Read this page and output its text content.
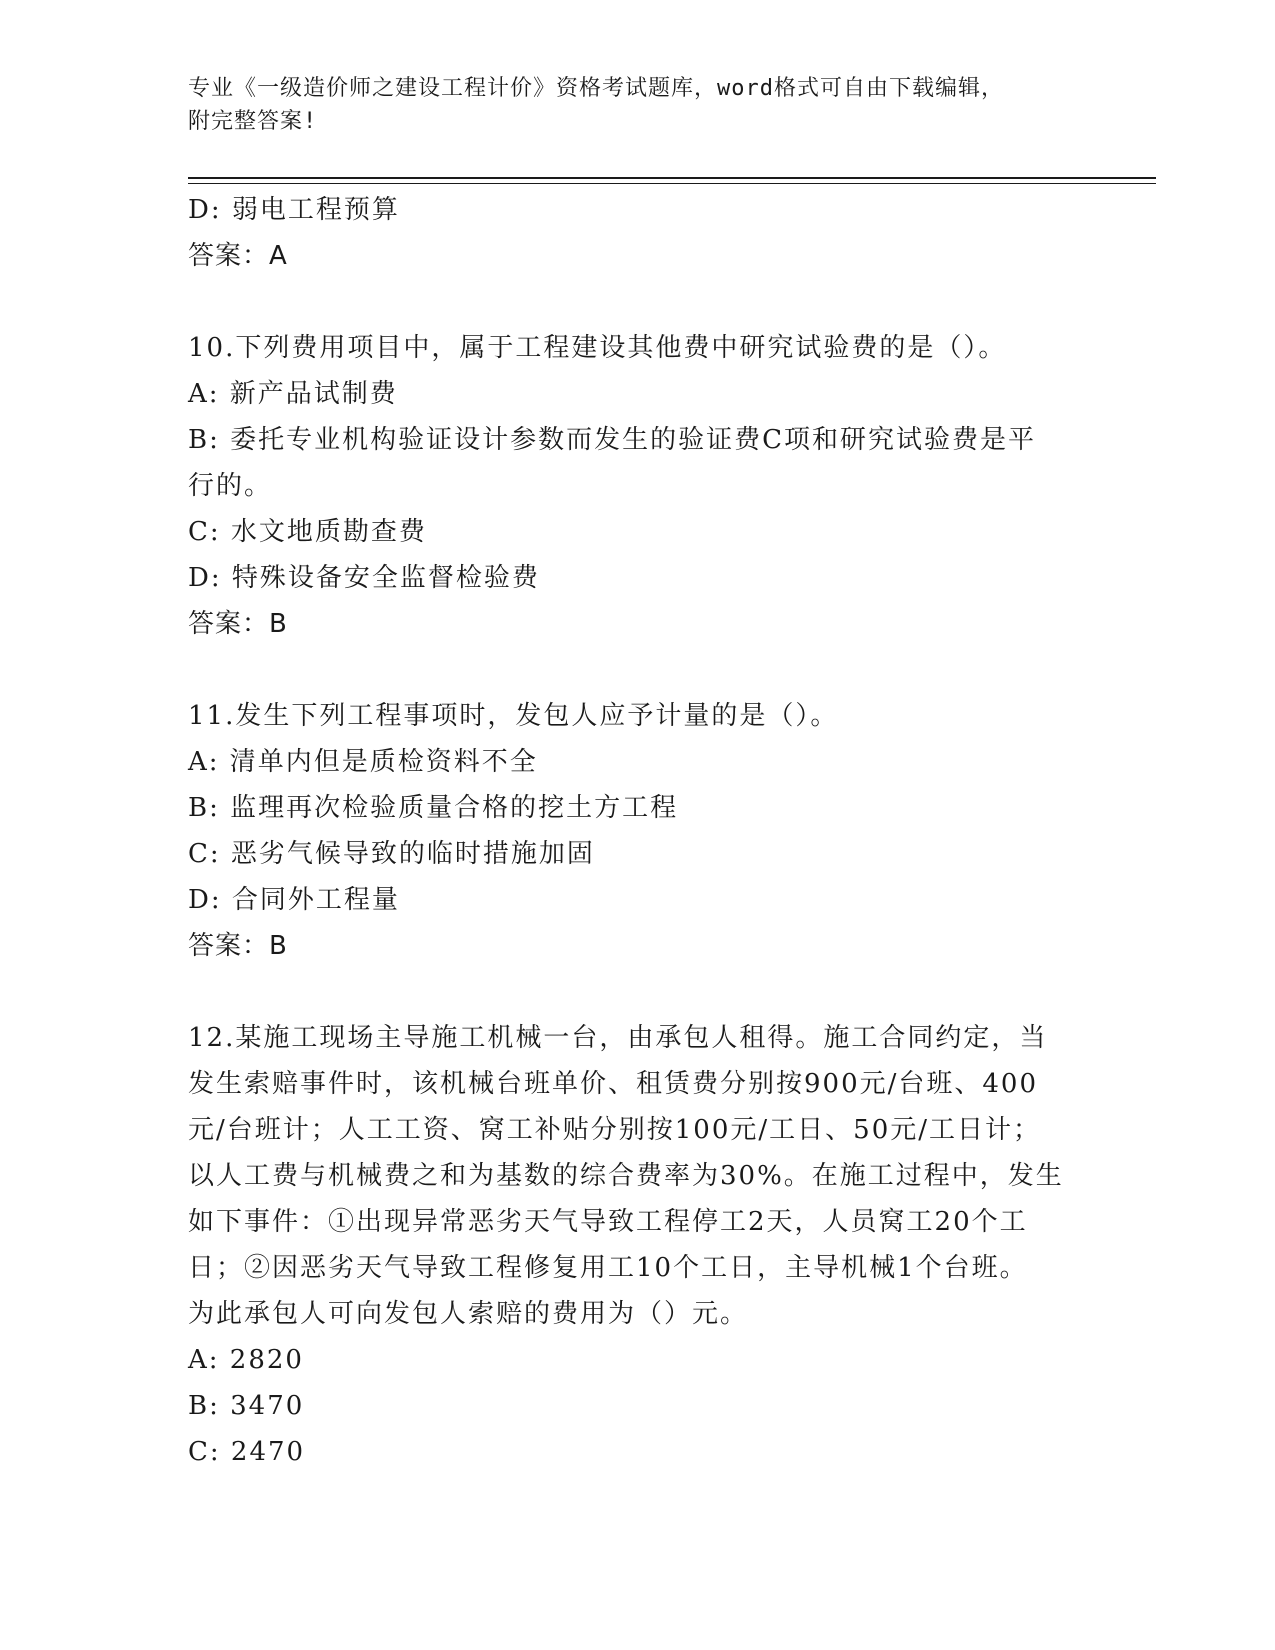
专业《一级造价师之建设工程计价》资格考试题库，word格式可自由下载编辑，
附完整答案!

D: 弱电工程预算

答案：A

10.下列费用项目中，属于工程建设其他费中研究试验费的是（）。

A: 新产品试制费

B: 委托专业机构验证设计参数而发生的验证费C项和研究试验费是平

行的。

C: 水文地质勘查费

D: 特殊设备安全监督检验费

答案：B

11.发生下列工程事项时，发包人应予计量的是（）。

A: 清单内但是质检资料不全

B: 监理再次检验质量合格的挖土方工程

C: 恶劣气候导致的临时措施加固

D: 合同外工程量

答案：B

12.某施工现场主导施工机械一台，由承包人租得。施工合同约定，当

发生索赔事件时，该机械台班单价、租赁费分别按900元/台班、400

元/台班计；人工工资、窝工补贴分别按100元/工日、50元/工日计；

以人工费与机械费之和为基数的综合费率为30%。在施工过程中，发生

如下事件：①出现异常恶劣天气导致工程停工2天，人员窝工20个工

日；②因恶劣天气导致工程修复用工10个工日，主导机械1个台班。

为此承包人可向发包人索赔的费用为（）元。

A: 2820

B: 3470

C: 2470
